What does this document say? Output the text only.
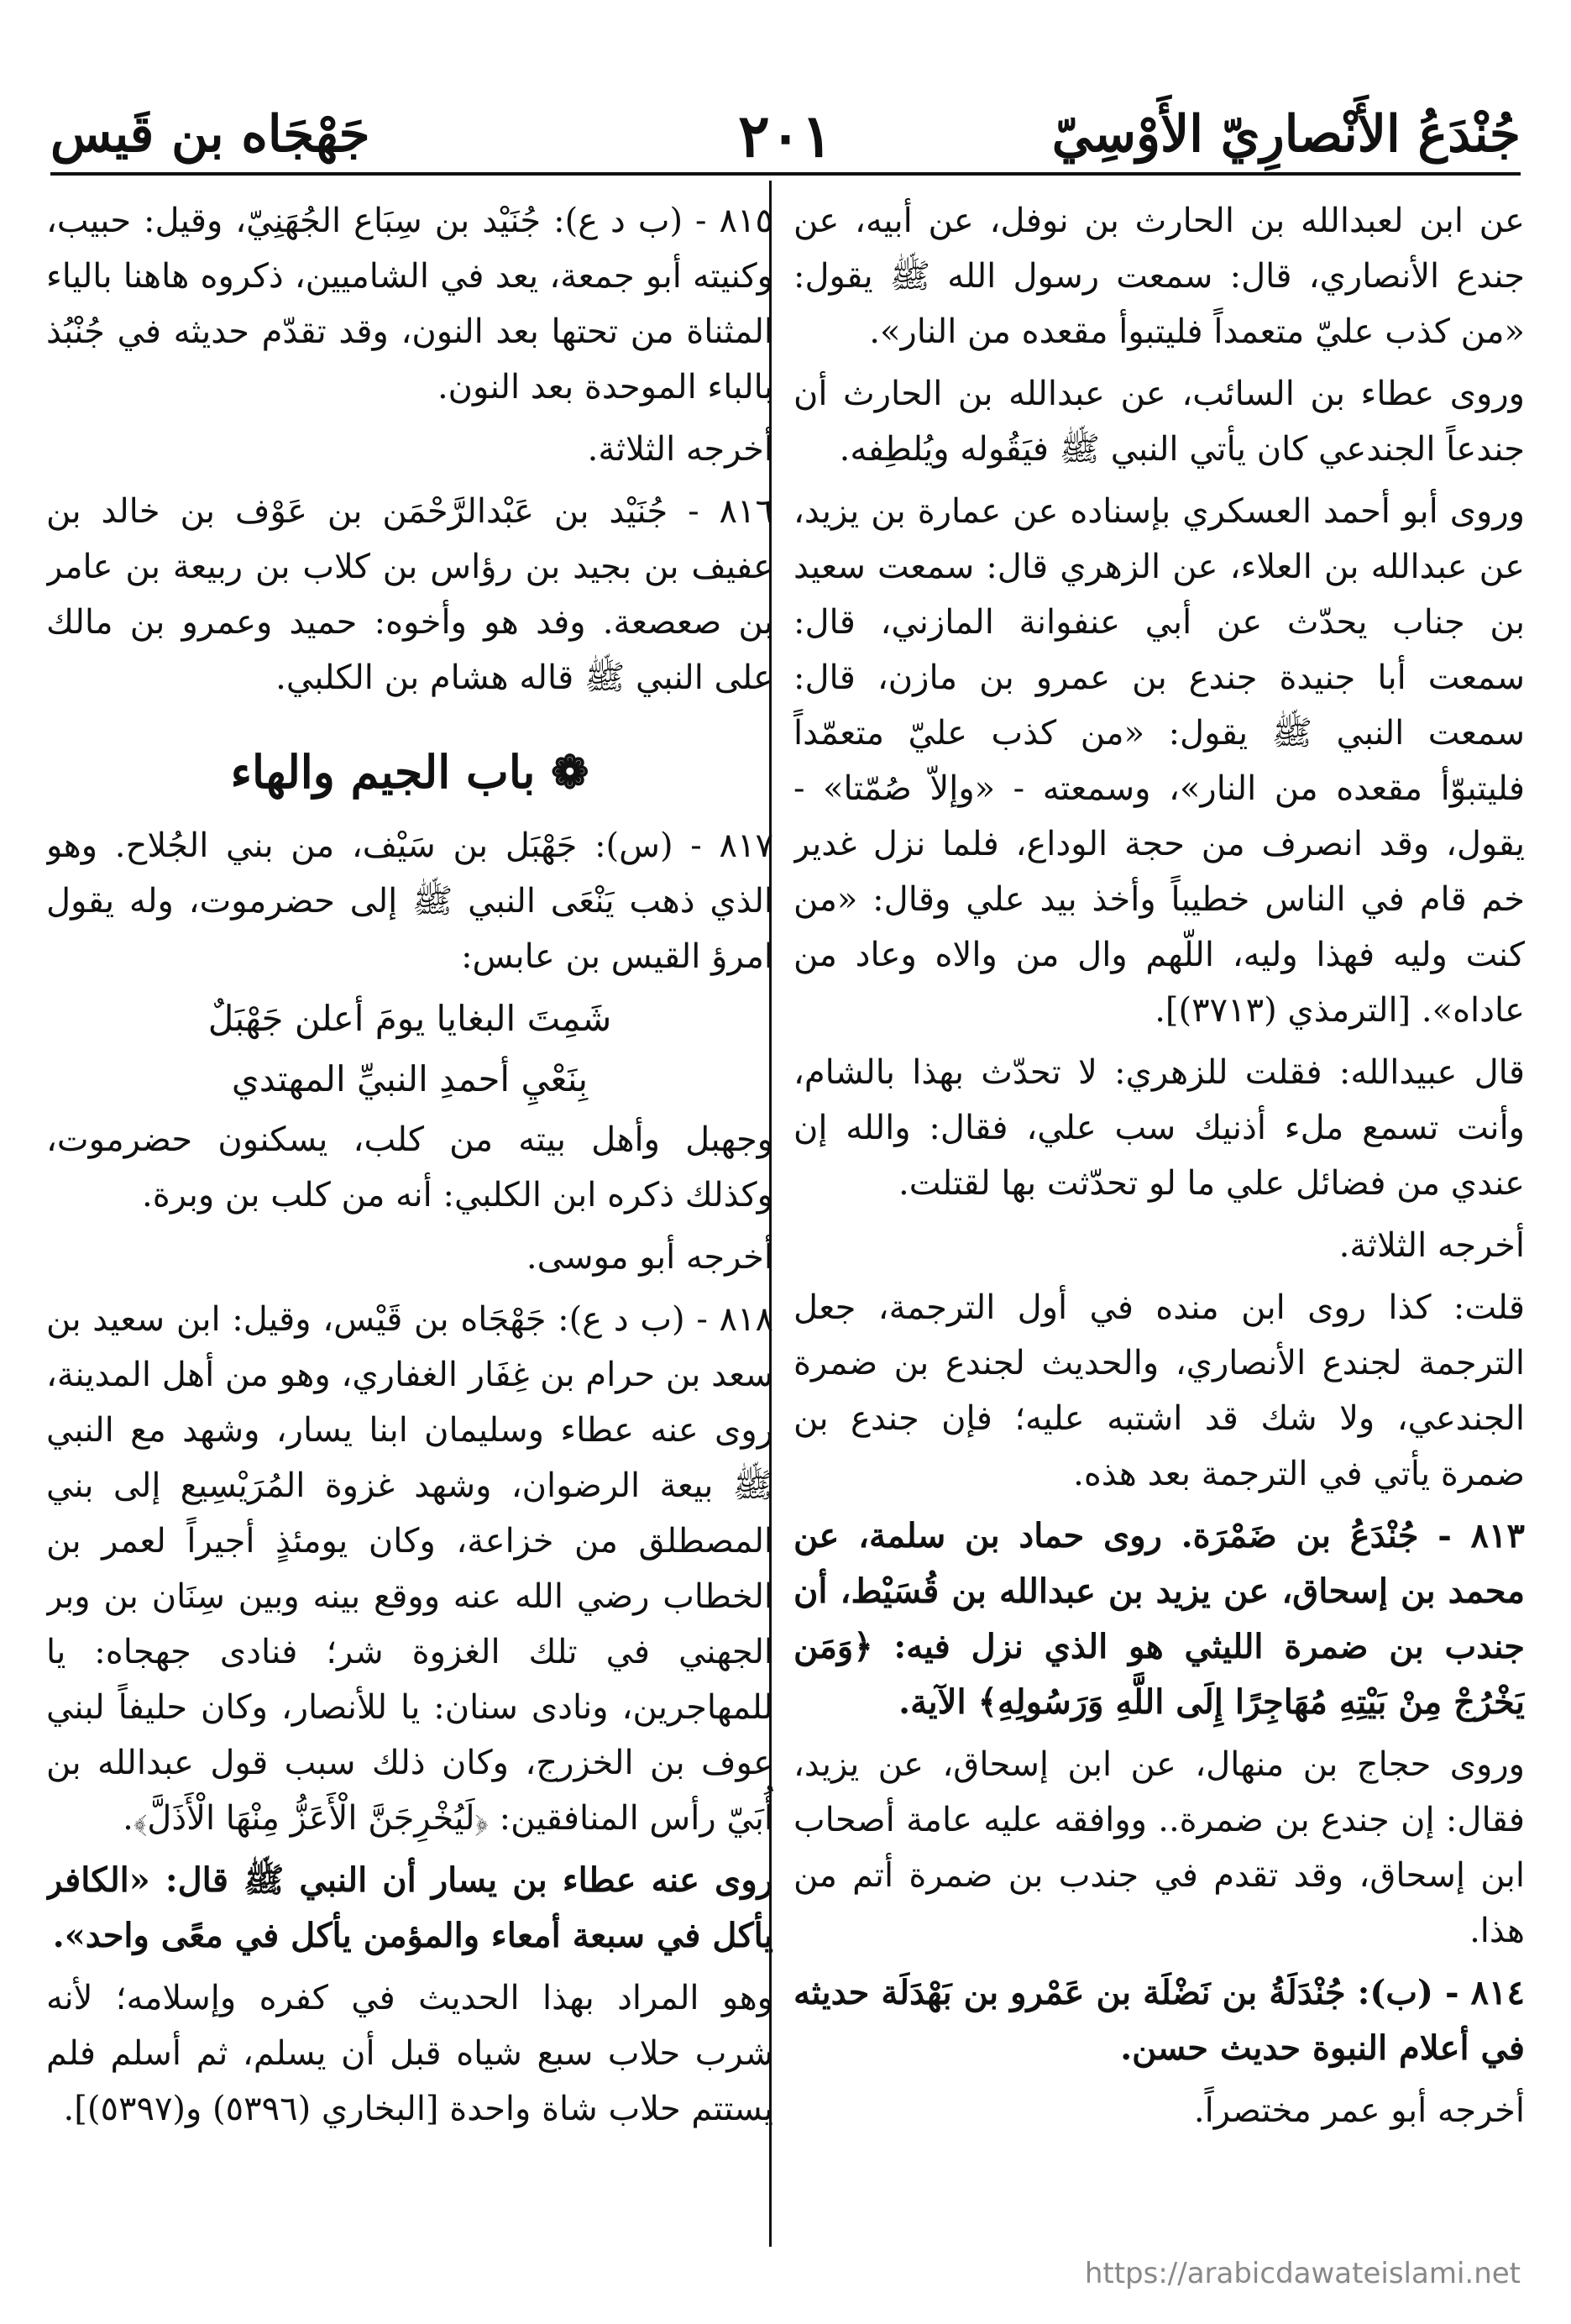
جُنْدَعُ الأَنْصارِيّ الأَوْسِيّ
٢٠١
جَهْجَاه بن قَيس

عن ابن لعبدالله بن الحارث بن نوفل، عن أبيه، عن جندع الأنصاري، قال: سمعت رسول الله ﷺ يقول: «من كذب عليّ متعمداً فليتبوأ مقعده من النار».

وروى عطاء بن السائب، عن عبدالله بن الحارث أن جندعاً الجندعي كان يأتي النبي ﷺ فيَقُوله ويُلطِفه.

وروى أبو أحمد العسكري بإسناده عن عمارة بن يزيد، عن عبدالله بن العلاء، عن الزهري قال: سمعت سعيد بن جناب يحدّث عن أبي عنفوانة المازني، قال: سمعت أبا جنيدة جندع بن عمرو بن مازن، قال: سمعت النبي ﷺ يقول: «من كذب عليّ متعمّداً فليتبوّأ مقعده من النار»، وسمعته - «وإلاّ صُمّتا» - يقول، وقد انصرف من حجة الوداع، فلما نزل غدير خم قام في الناس خطيباً وأخذ بيد علي وقال: «من كنت وليه فهذا وليه، اللّهم وال من والاه وعاد من عاداه». [الترمذي (٣٧١٣)].

قال عبيدالله: فقلت للزهري: لا تحدّث بهذا بالشام، وأنت تسمع ملء أذنيك سب علي، فقال: والله إن عندي من فضائل علي ما لو تحدّثت بها لقتلت.

أخرجه الثلاثة.

قلت: كذا روى ابن منده في أول الترجمة، جعل الترجمة لجندع الأنصاري، والحديث لجندع بن ضمرة الجندعي، ولا شك قد اشتبه عليه؛ فإن جندع بن ضمرة يأتي في الترجمة بعد هذه.

٨١٣ - جُنْدَعُ بن ضَمْرَة. روى حماد بن سلمة، عن محمد بن إسحاق، عن يزيد بن عبدالله بن قُسَيْط، أن جندب بن ضمرة الليثي هو الذي نزل فيه: ﴿وَمَن يَخْرُجْ مِنْ بَيْتِهِ مُهَاجِرًا إِلَى اللَّهِ وَرَسُولِهِ﴾ الآية.

وروى حجاج بن منهال، عن ابن إسحاق، عن يزيد، فقال: إن جندع بن ضمرة.. ووافقه عليه عامة أصحاب ابن إسحاق، وقد تقدم في جندب بن ضمرة أتم من هذا.

٨١٤ - (ب): جُنْدَلَةُ بن نَضْلَة بن عَمْرو بن بَهْدَلَة حديثه في أعلام النبوة حديث حسن.

أخرجه أبو عمر مختصراً.

٨١٥ - (ب د ع): جُنَيْد بن سِبَاع الجُهَنِيّ، وقيل: حبيب، وكنيته أبو جمعة، يعد في الشاميين، ذكروه هاهنا بالياء المثناة من تحتها بعد النون، وقد تقدّم حديثه في جُنْبُذ بالباء الموحدة بعد النون.

أخرجه الثلاثة.

٨١٦ - جُنَيْد بن عَبْدالرَّحْمَن بن عَوْف بن خالد بن عفيف بن بجيد بن رؤاس بن كلاب بن ربيعة بن عامر بن صعصعة. وفد هو وأخوه: حميد وعمرو بن مالك على النبي ﷺ قاله هشام بن الكلبي.

❁ باب الجيم والهاء

٨١٧ - (س): جَهْبَل بن سَيْف، من بني الجُلاح. وهو الذي ذهب يَنْعَى النبي ﷺ إلى حضرموت، وله يقول امرؤ القيس بن عابس:

شَمِتَ البغايا يومَ أعلن جَهْبَلٌ
بِنَعْيِ أحمدِ النبيِّ المهتدي

وجهبل وأهل بيته من كلب، يسكنون حضرموت، وكذلك ذكره ابن الكلبي: أنه من كلب بن وبرة.

أخرجه أبو موسى.

٨١٨ - (ب د ع): جَهْجَاه بن قَيْس، وقيل: ابن سعيد بن سعد بن حرام بن غِفَار الغفاري، وهو من أهل المدينة، روى عنه عطاء وسليمان ابنا يسار، وشهد مع النبي ﷺ بيعة الرضوان، وشهد غزوة المُرَيْسِيع إلى بني المصطلق من خزاعة، وكان يومئذٍ أجيراً لعمر بن الخطاب رضي الله عنه ووقع بينه وبين سِنَان بن وبر الجهني في تلك الغزوة شر؛ فنادى جهجاه: يا للمهاجرين، ونادى سنان: يا للأنصار، وكان حليفاً لبني عوف بن الخزرج، وكان ذلك سبب قول عبدالله بن أُبَيّ رأس المنافقين: ﴿لَيُخْرِجَنَّ الْأَعَزُّ مِنْهَا الْأَذَلَّ﴾.

روى عنه عطاء بن يسار أن النبي ﷺ قال: «الكافر يأكل في سبعة أمعاء والمؤمن يأكل في معًى واحد».

وهو المراد بهذا الحديث في كفره وإسلامه؛ لأنه شرب حلاب سبع شياه قبل أن يسلم، ثم أسلم فلم يستتم حلاب شاة واحدة [البخاري (٥٣٩٦) و(٥٣٩٧)].

https://arabicdawateislami.net
